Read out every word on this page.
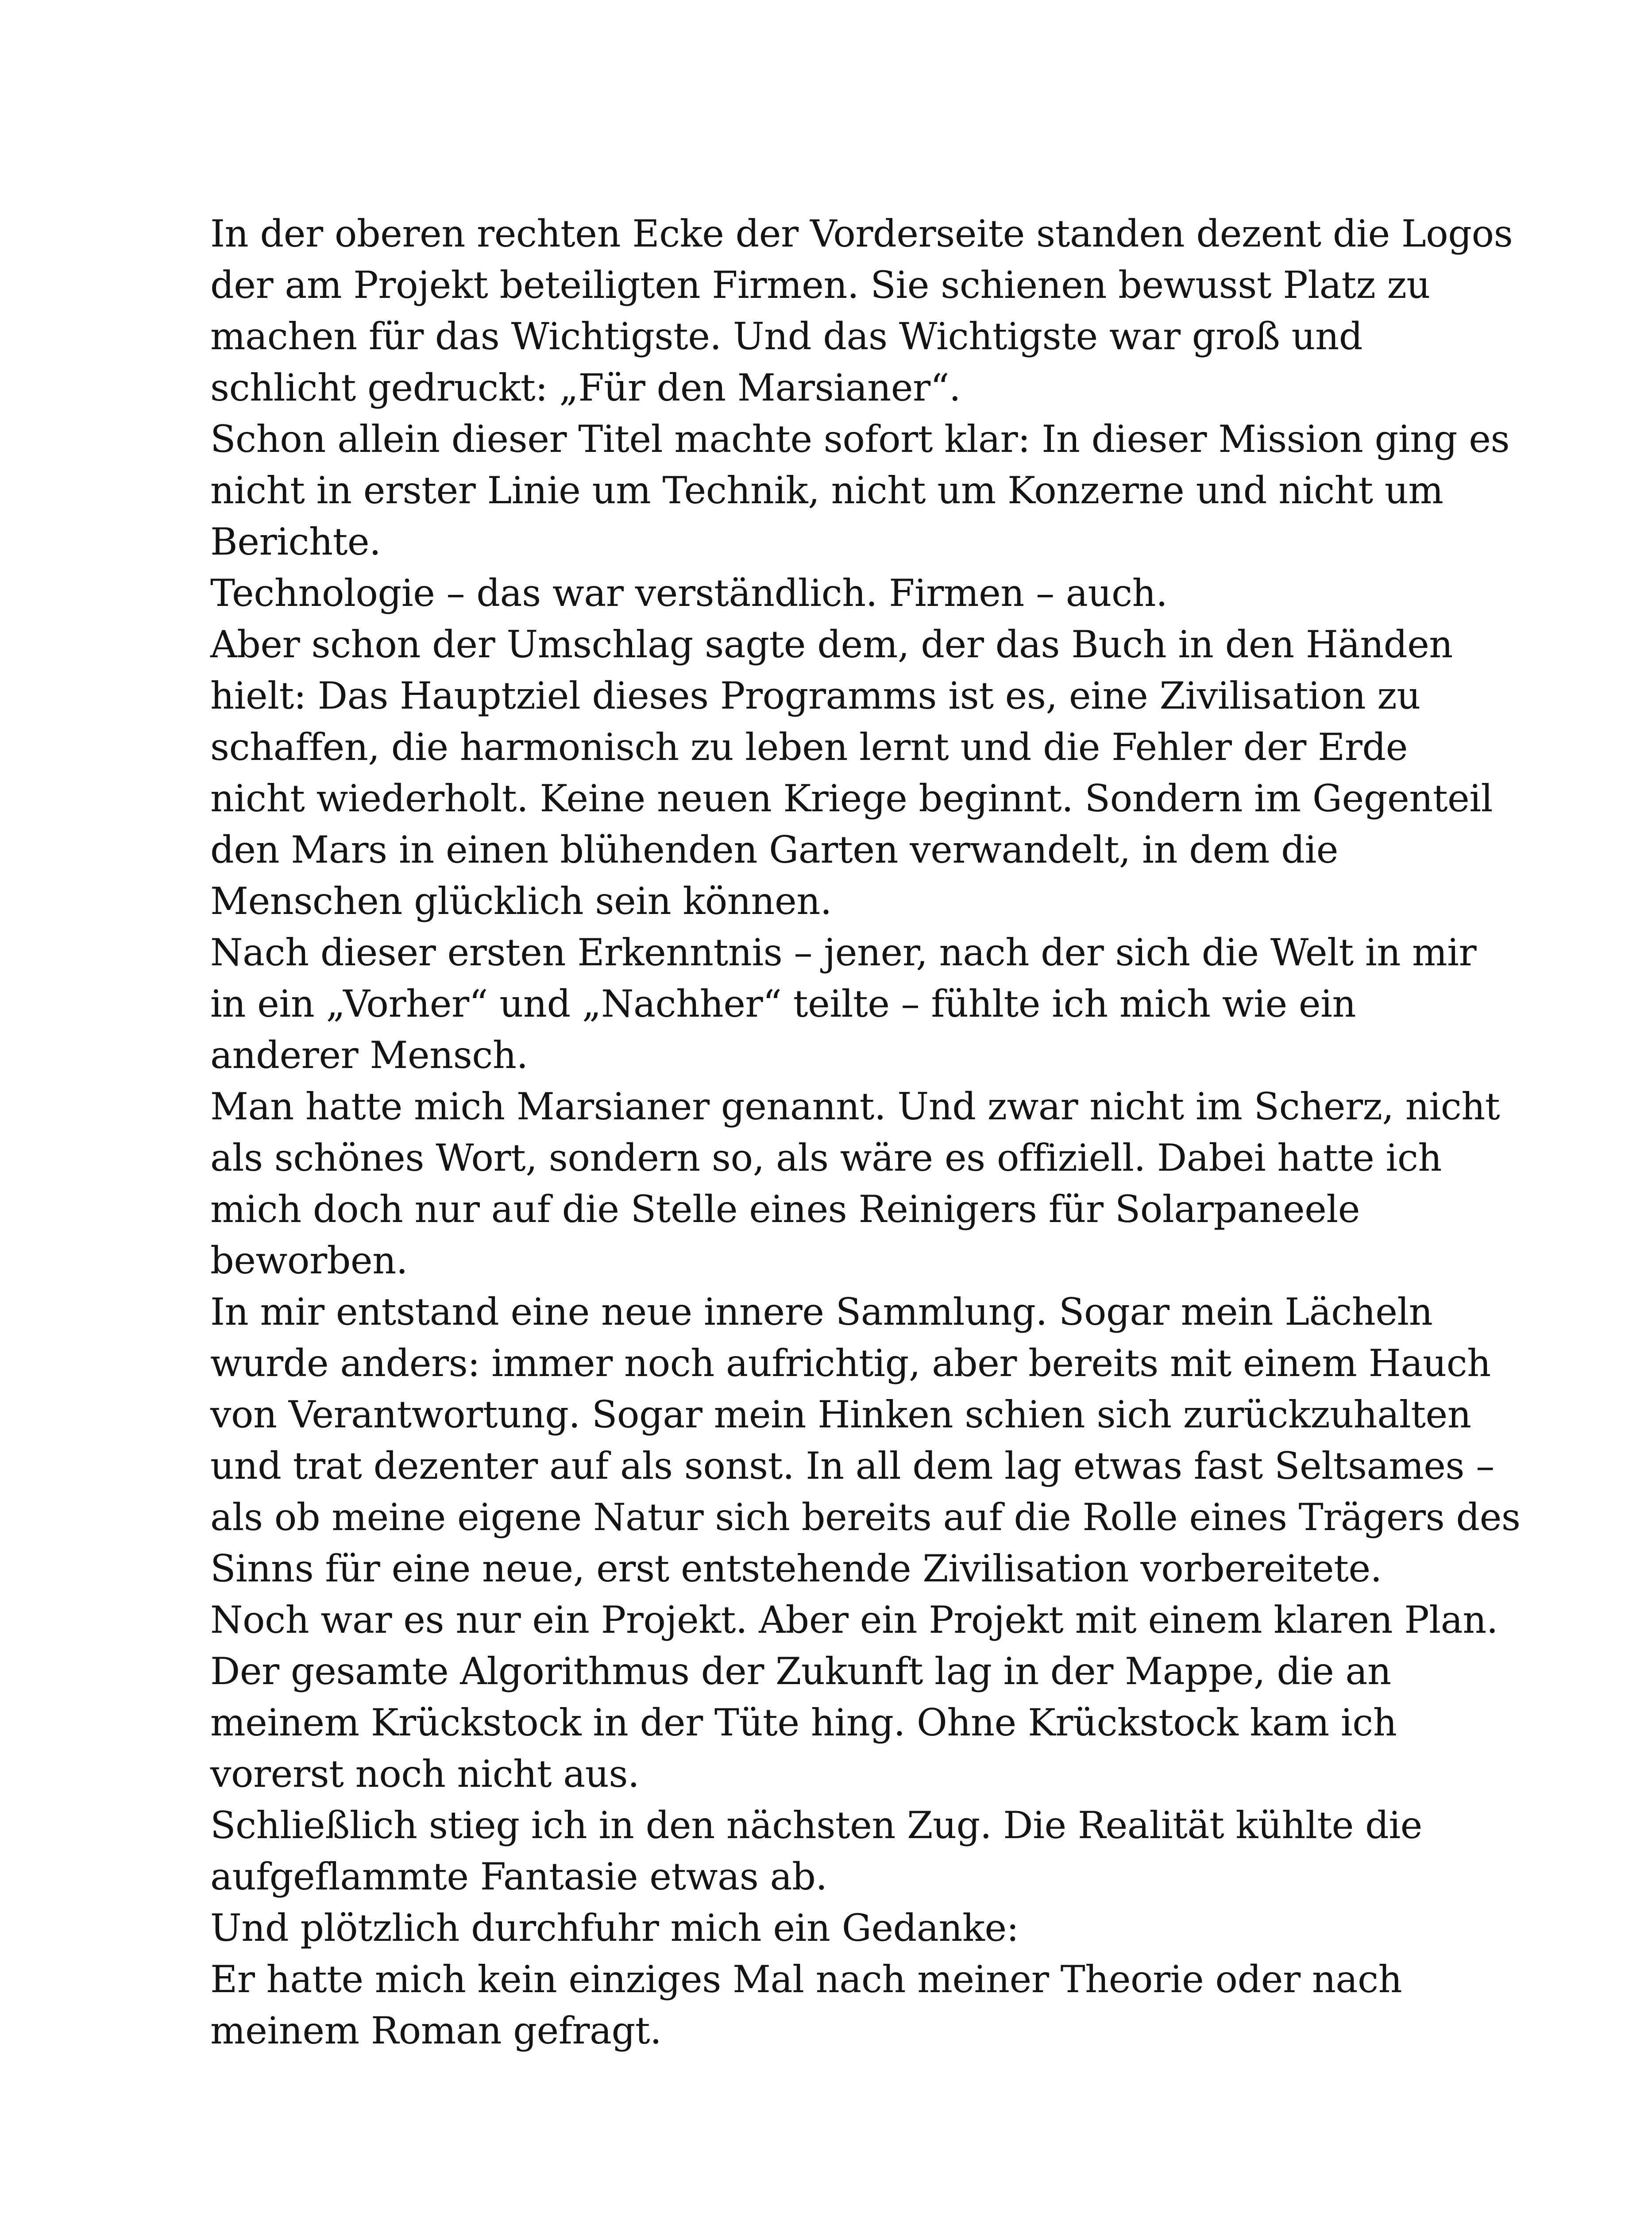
In der oberen rechten Ecke der Vorderseite standen dezent die Logos
der am Projekt beteiligten Firmen. Sie schienen bewusst Platz zu
machen für das Wichtigste. Und das Wichtigste war groß und
schlicht gedruckt: „Für den Marsianer“.
Schon allein dieser Titel machte sofort klar: In dieser Mission ging es
nicht in erster Linie um Technik, nicht um Konzerne und nicht um
Berichte.
Technologie – das war verständlich. Firmen – auch.
Aber schon der Umschlag sagte dem, der das Buch in den Händen
hielt: Das Hauptziel dieses Programms ist es, eine Zivilisation zu
schaffen, die harmonisch zu leben lernt und die Fehler der Erde
nicht wiederholt. Keine neuen Kriege beginnt. Sondern im Gegenteil
den Mars in einen blühenden Garten verwandelt, in dem die
Menschen glücklich sein können.
Nach dieser ersten Erkenntnis – jener, nach der sich die Welt in mir
in ein „Vorher“ und „Nachher“ teilte – fühlte ich mich wie ein
anderer Mensch.
Man hatte mich Marsianer genannt. Und zwar nicht im Scherz, nicht
als schönes Wort, sondern so, als wäre es offiziell. Dabei hatte ich
mich doch nur auf die Stelle eines Reinigers für Solarpaneele
beworben.
In mir entstand eine neue innere Sammlung. Sogar mein Lächeln
wurde anders: immer noch aufrichtig, aber bereits mit einem Hauch
von Verantwortung. Sogar mein Hinken schien sich zurückzuhalten
und trat dezenter auf als sonst. In all dem lag etwas fast Seltsames –
als ob meine eigene Natur sich bereits auf die Rolle eines Trägers des
Sinns für eine neue, erst entstehende Zivilisation vorbereitete.
Noch war es nur ein Projekt. Aber ein Projekt mit einem klaren Plan.
Der gesamte Algorithmus der Zukunft lag in der Mappe, die an
meinem Krückstock in der Tüte hing. Ohne Krückstock kam ich
vorerst noch nicht aus.
Schließlich stieg ich in den nächsten Zug. Die Realität kühlte die
aufgeflammte Fantasie etwas ab.
Und plötzlich durchfuhr mich ein Gedanke:
Er hatte mich kein einziges Mal nach meiner Theorie oder nach
meinem Roman gefragt.
